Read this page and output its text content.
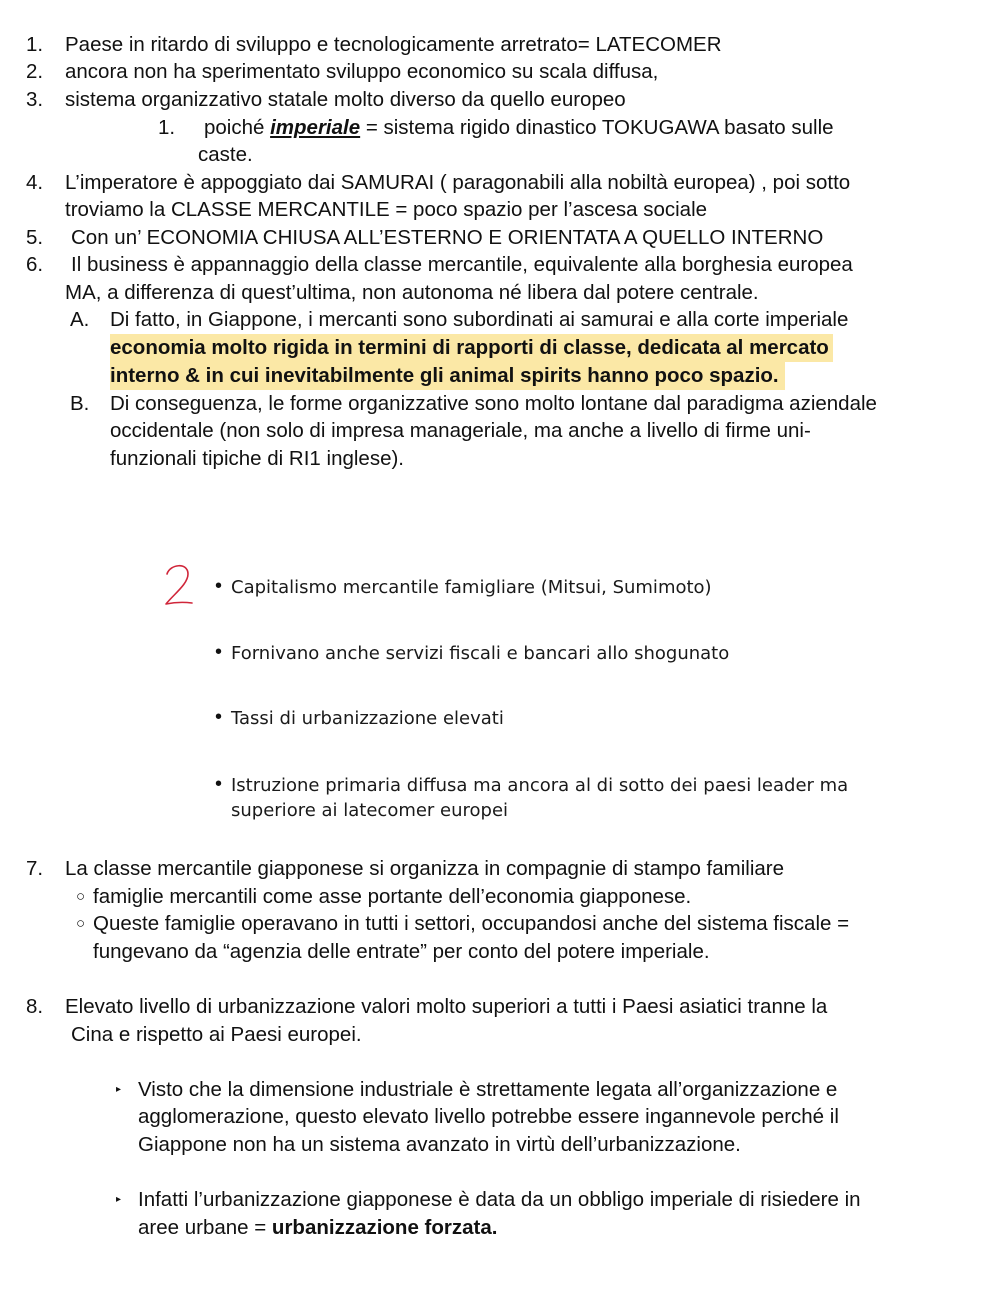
1. Paese in ritardo di sviluppo e tecnologicamente arretrato= LATECOMER
2. ancora non ha sperimentato sviluppo economico su scala diffusa,
3. sistema organizzativo statale molto diverso da quello europeo
1. poiché imperiale = sistema rigido dinastico TOKUGAWA basato sulle
caste.
4. L’imperatore è appoggiato dai SAMURAI ( paragonabili alla nobiltà europea) , poi sotto
troviamo la CLASSE MERCANTILE = poco spazio per l’ascesa sociale
5. Con un’ ECONOMIA CHIUSA ALL’ESTERNO E ORIENTATA A QUELLO INTERNO
6. Il business è appannaggio della classe mercantile, equivalente alla borghesia europea
MA, a differenza di quest’ultima, non autonoma né libera dal potere centrale.
A. Di fatto, in Giappone, i mercanti sono subordinati ai samurai e alla corte imperiale
economia molto rigida in termini di rapporti di classe, dedicata al mercato
interno & in cui inevitabilmente gli animal spirits hanno poco spazio.
B. Di conseguenza, le forme organizzative sono molto lontane dal paradigma aziendale
occidentale (non solo di impresa manageriale, ma anche a livello di firme uni-
funzionali tipiche di RI1 inglese).
• Capitalismo mercantile famigliare (Mitsui, Sumimoto)
• Fornivano anche servizi fiscali e bancari allo shogunato
• Tassi di urbanizzazione elevati
• Istruzione primaria diffusa ma ancora al di sotto dei paesi leader ma
superiore ai latecomer europei
7. La classe mercantile giapponese si organizza in compagnie di stampo familiare
○ famiglie mercantili come asse portante dell’economia giapponese.
○ Queste famiglie operavano in tutti i settori, occupandosi anche del sistema fiscale =
fungevano da “agenzia delle entrate” per conto del potere imperiale.
8. Elevato livello di urbanizzazione valori molto superiori a tutti i Paesi asiatici tranne la
Cina e rispetto ai Paesi europei.
▸ Visto che la dimensione industriale è strettamente legata all’organizzazione e
agglomerazione, questo elevato livello potrebbe essere ingannevole perché il
Giappone non ha un sistema avanzato in virtù dell’urbanizzazione.
▸ Infatti l’urbanizzazione giapponese è data da un obbligo imperiale di risiedere in
aree urbane = urbanizzazione forzata.
